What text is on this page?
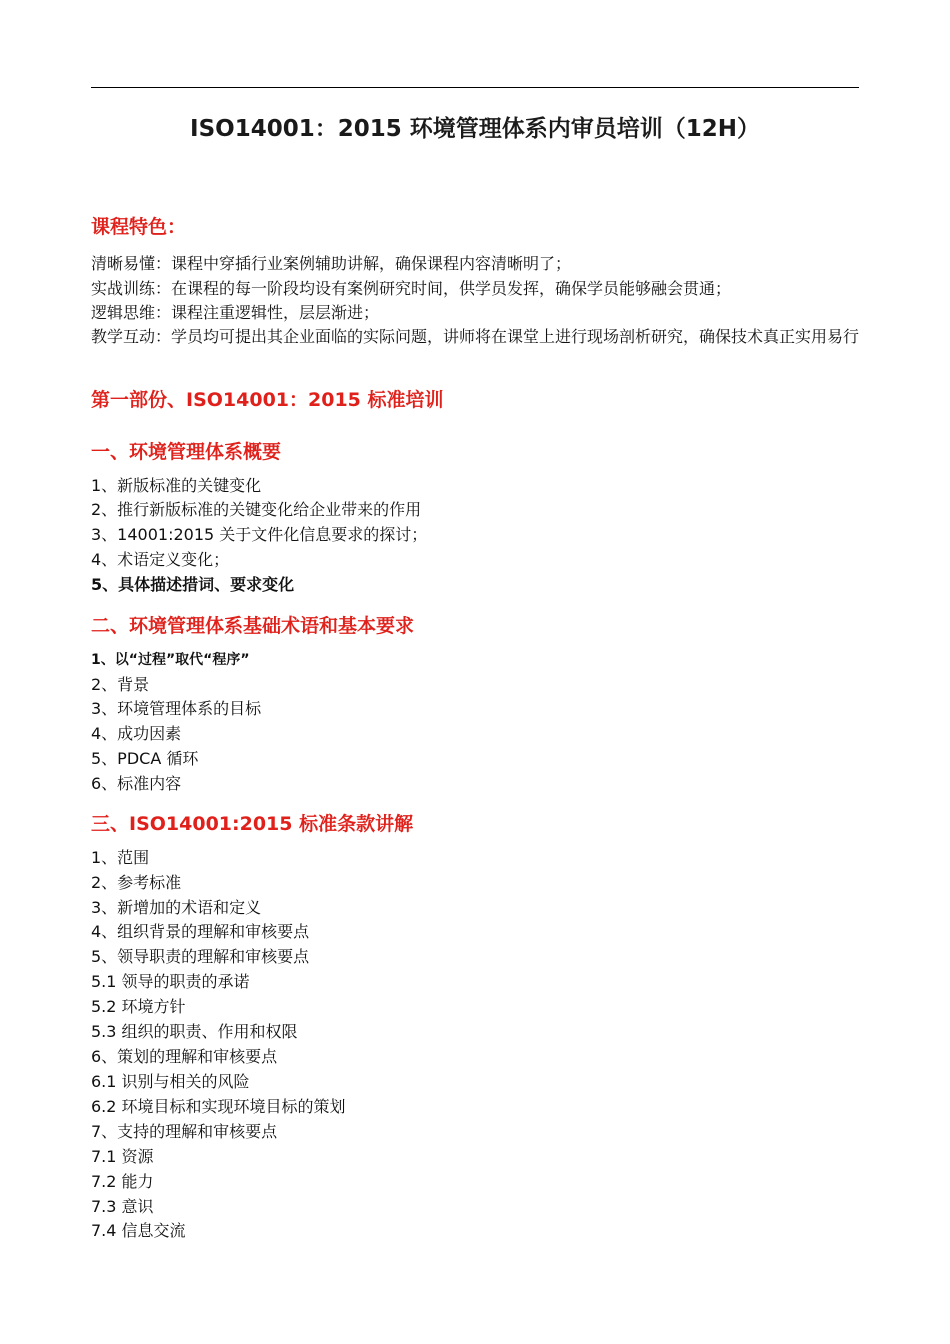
ISO14001：2015 环境管理体系内审员培训（12H）
课程特色：
清晰易懂：课程中穿插行业案例辅助讲解，确保课程内容清晰明了；
实战训练：在课程的每一阶段均设有案例研究时间，供学员发挥，确保学员能够融会贯通；
逻辑思维：课程注重逻辑性，层层渐进；
教学互动：学员均可提出其企业面临的实际问题，讲师将在课堂上进行现场剖析研究，确保技术真正实用易行
第一部份、ISO14001：2015 标准培训
一、环境管理体系概要
1、新版标准的关键变化
2、推行新版标准的关键变化给企业带来的作用
3、14001:2015 关于文件化信息要求的探讨；
4、术语定义变化；
5、具体描述措词、要求变化
二、环境管理体系基础术语和基本要求
1、以“过程”取代“程序”
2、背景
3、环境管理体系的目标
4、成功因素
5、PDCA 循环
6、标准内容
三、ISO14001:2015 标准条款讲解
1、范围
2、参考标准
3、新增加的术语和定义
4、组织背景的理解和审核要点
5、领导职责的理解和审核要点
5.1 领导的职责的承诺
5.2 环境方针
5.3 组织的职责、作用和权限
6、策划的理解和审核要点
6.1 识别与相关的风险
6.2 环境目标和实现环境目标的策划
7、支持的理解和审核要点
7.1 资源
7.2 能力
7.3 意识
7.4 信息交流
